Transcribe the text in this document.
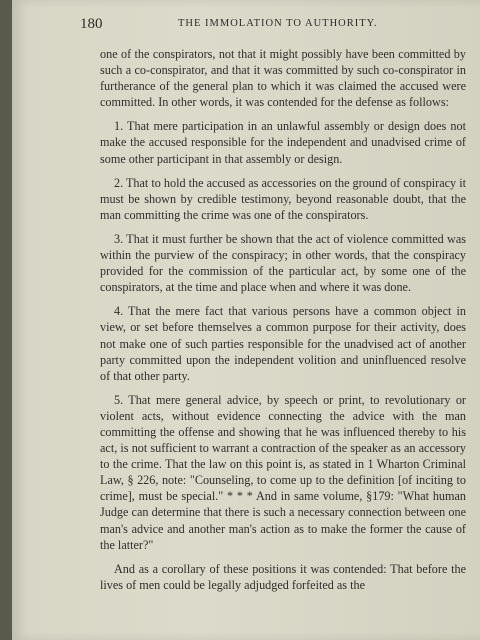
180	THE IMMOLATION TO AUTHORITY.

one of the conspirators, not that it might possibly have been committed by such a co-conspirator, and that it was committed by such co-conspirator in furtherance of the general plan to which it was claimed the accused were committed. In other words, it was contended for the defense as follows:

1. That mere participation in an unlawful assembly or design does not make the accused responsible for the independent and unadvised crime of some other participant in that assembly or design.

2. That to hold the accused as accessories on the ground of conspiracy it must be shown by credible testimony, beyond reasonable doubt, that the man committing the crime was one of the conspirators.

3. That it must further be shown that the act of violence committed was within the purview of the conspiracy; in other words, that the conspiracy provided for the commission of the particular act, by some one of the conspirators, at the time and place when and where it was done.

4. That the mere fact that various persons have a common object in view, or set before themselves a common purpose for their activity, does not make one of such parties responsible for the unadvised act of another party committed upon the independent volition and uninfluenced resolve of that other party.

5. That mere general advice, by speech or print, to revolutionary or violent acts, without evidence connecting the advice with the man committing the offense and showing that he was influenced thereby to his act, is not sufficient to warrant a contraction of the speaker as an accessory to the crime. That the law on this point is, as stated in 1 Wharton Criminal Law, § 226, note: "Counseling, to come up to the definition [of inciting to crime], must be special." * * * And in same volume, §179: "What human Judge can determine that there is such a necessary connection between one man's advice and another man's action as to make the former the cause of the latter?"

And as a corollary of these positions it was contended: That before the lives of men could be legally adjudged forfeited as the
